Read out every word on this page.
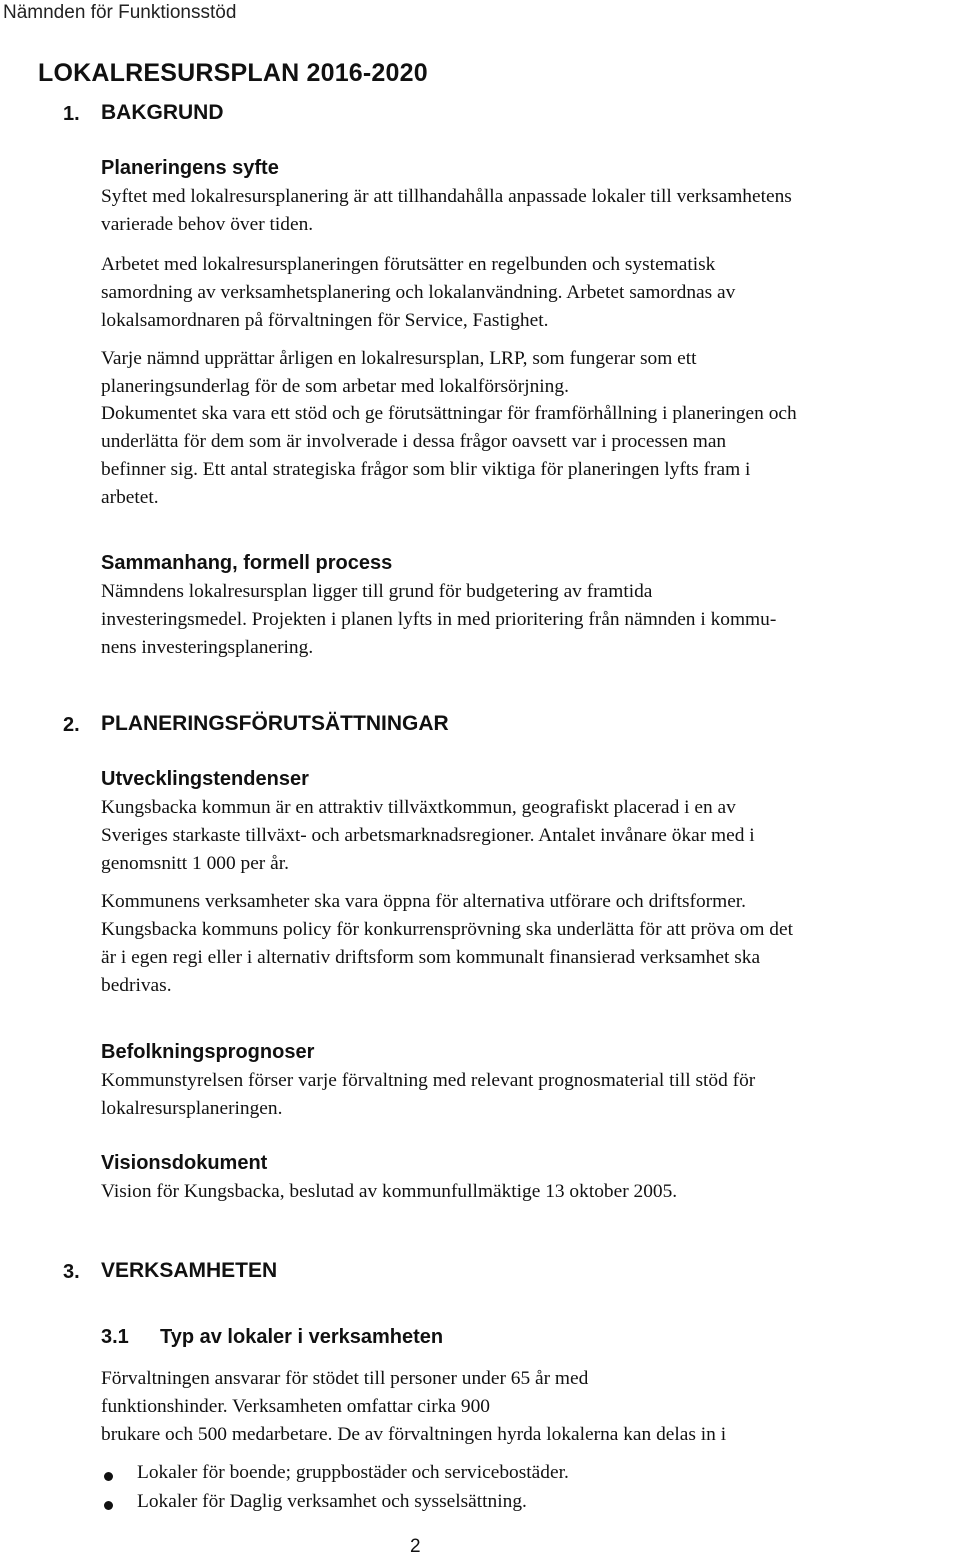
Nämnden för Funktionsstöd
LOKALRESURSPLAN 2016-2020
1. BAKGRUND
Planeringens syfte
Syftet med lokalresursplanering är att tillhandahålla anpassade lokaler till verksamhetens
varierade behov över tiden.
Arbetet med lokalresursplaneringen förutsätter en regelbunden och systematisk
samordning av verksamhetsplanering och lokalanvändning. Arbetet samordnas av
lokalsamordnaren på förvaltningen för Service, Fastighet.
Varje nämnd upprättar årligen en lokalresursplan, LRP, som fungerar som ett
planeringsunderlag för de som arbetar med lokalförsörjning.
Dokumentet ska vara ett stöd och ge förutsättningar för framförhållning i planeringen och
underlätta för dem som är involverade i dessa frågor oavsett var i processen man
befinner sig. Ett antal strategiska frågor som blir viktiga för planeringen lyfts fram i
arbetet.
Sammanhang, formell process
Nämndens lokalresursplan ligger till grund för budgetering av framtida
investeringsmedel. Projekten i planen lyfts in med prioritering från nämnden i kommu-
nens investeringsplanering.
2. PLANERINGSFÖRUTSÄTTNINGAR
Utvecklingstendenser
Kungsbacka kommun är en attraktiv tillväxtkommun, geografiskt placerad i en av
Sveriges starkaste tillväxt- och arbetsmarknadsregioner. Antalet invånare ökar med i
genomsnitt 1 000 per år.
Kommunens verksamheter ska vara öppna för alternativa utförare och driftsformer.
Kungsbacka kommuns policy för konkurrensprövning ska underlätta för att pröva om det
är i egen regi eller i alternativ driftsform som kommunalt finansierad verksamhet ska
bedrivas.
Befolkningsprognoser
Kommunstyrelsen förser varje förvaltning med relevant prognosmaterial till stöd för
lokalresursplaneringen.
Visionsdokument
Vision för Kungsbacka, beslutad av kommunfullmäktige 13 oktober 2005.
3. VERKSAMHETEN
3.1 Typ av lokaler i verksamheten
Förvaltningen ansvarar för stödet till personer under 65 år med
funktionshinder. Verksamheten omfattar cirka 900
brukare och 500 medarbetare. De av förvaltningen hyrda lokalerna kan delas in i
Lokaler för boende; gruppbostäder och servicebostäder.
Lokaler för Daglig verksamhet och sysselsättning.
2
